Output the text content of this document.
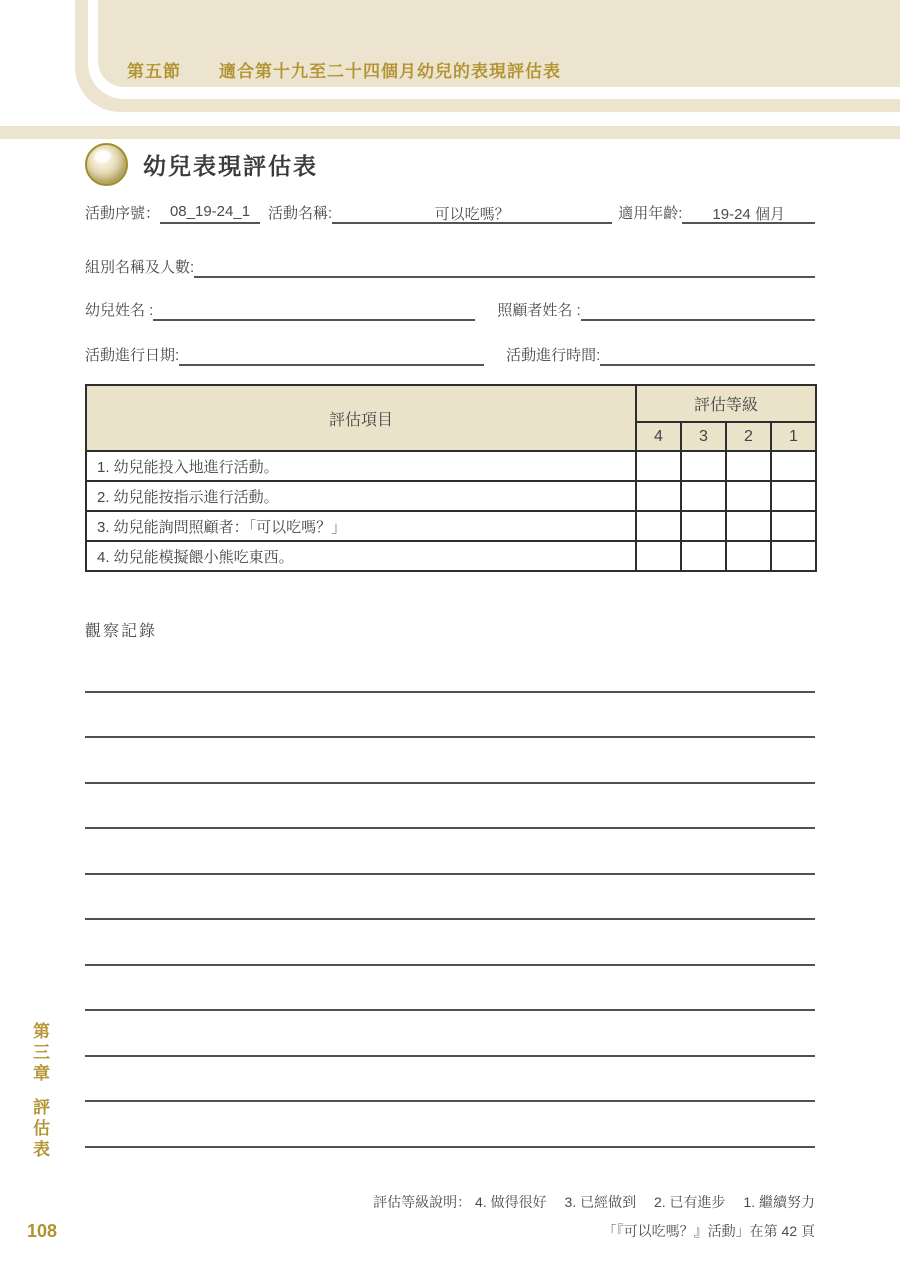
第五節 適合第十九至二十四個月幼兒的表現評估表
幼兒表現評估表
活動序號： 08_19-24_1	活動名稱:	可以吃嗎？	適用年齡:	19-24 個月
組別名稱及人數:
幼兒姓名 :	照顧者姓名 :
活動進行日期:	活動進行時間:
評估項目	評估等級			
	4	3	2	1
1. 幼兒能投入地進行活動。				
2. 幼兒能按指示進行活動。				
3. 幼兒能詢問照顧者：「可以吃嗎？」				
4. 幼兒能模擬餵小熊吃東西。				
觀察記錄
第三章
評估表
評估等級說明： 4. 做得很好　 3. 已經做到　 2. 已有進步　 1. 繼續努力
「『可以吃嗎？』活動」在第 42 頁
108
